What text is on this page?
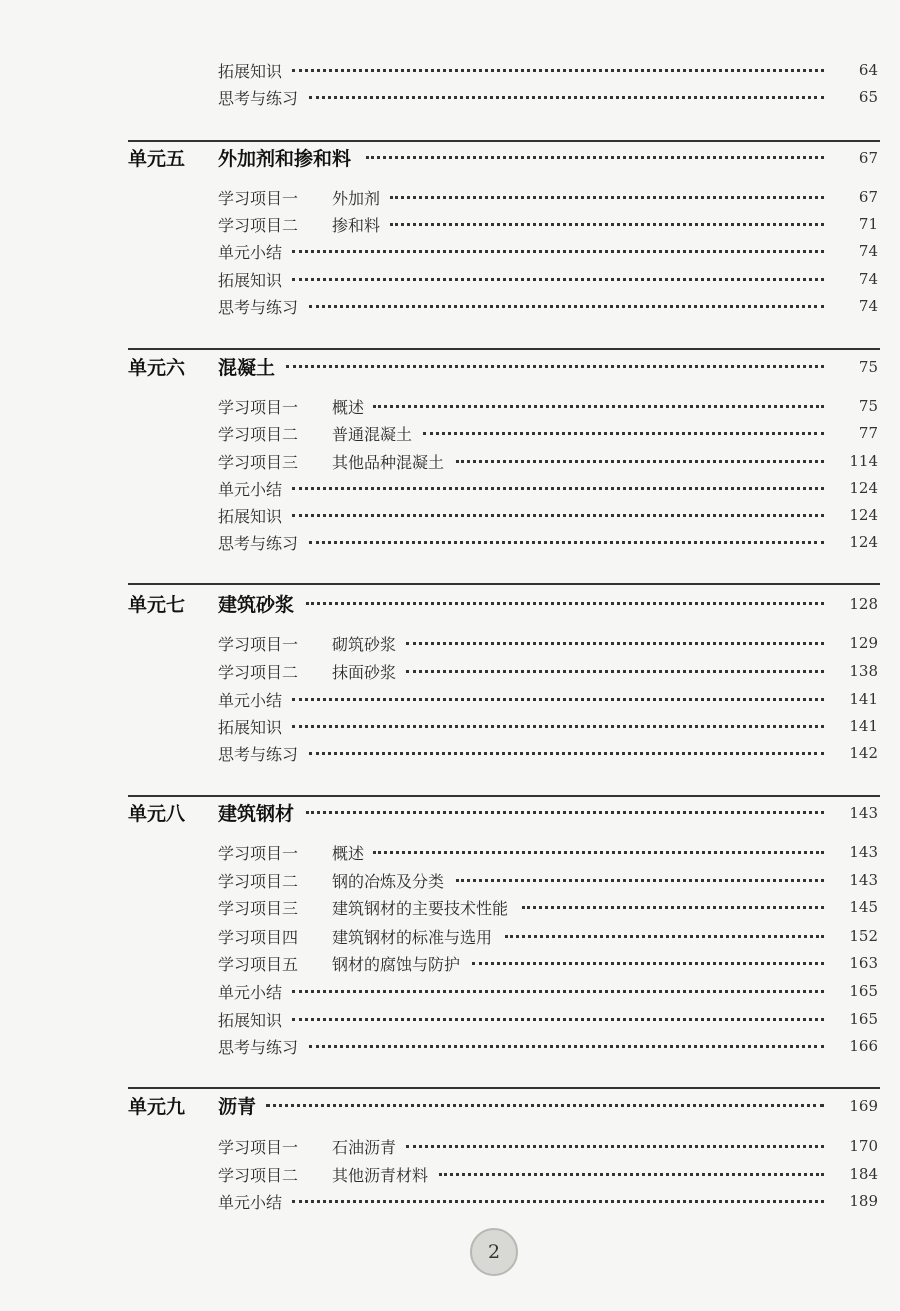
拓展知识	64
思考与练习	65
单元五 外加剂和掺和料	67
学习项目一 外加剂	67
学习项目二 掺和料	71
单元小结	74
拓展知识	74
思考与练习	74
单元六 混凝土	75
学习项目一 概述	75
学习项目二 普通混凝土	77
学习项目三 其他品种混凝土	114
单元小结	124
拓展知识	124
思考与练习	124
单元七 建筑砂浆	128
学习项目一 砌筑砂浆	129
学习项目二 抹面砂浆	138
单元小结	141
拓展知识	141
思考与练习	142
单元八 建筑钢材	143
学习项目一 概述	143
学习项目二 钢的冶炼及分类	143
学习项目三 建筑钢材的主要技术性能	145
学习项目四 建筑钢材的标准与选用	152
学习项目五 钢材的腐蚀与防护	163
单元小结	165
拓展知识	165
思考与练习	166
单元九 沥青	169
学习项目一 石油沥青	170
学习项目二 其他沥青材料	184
单元小结	189
2
